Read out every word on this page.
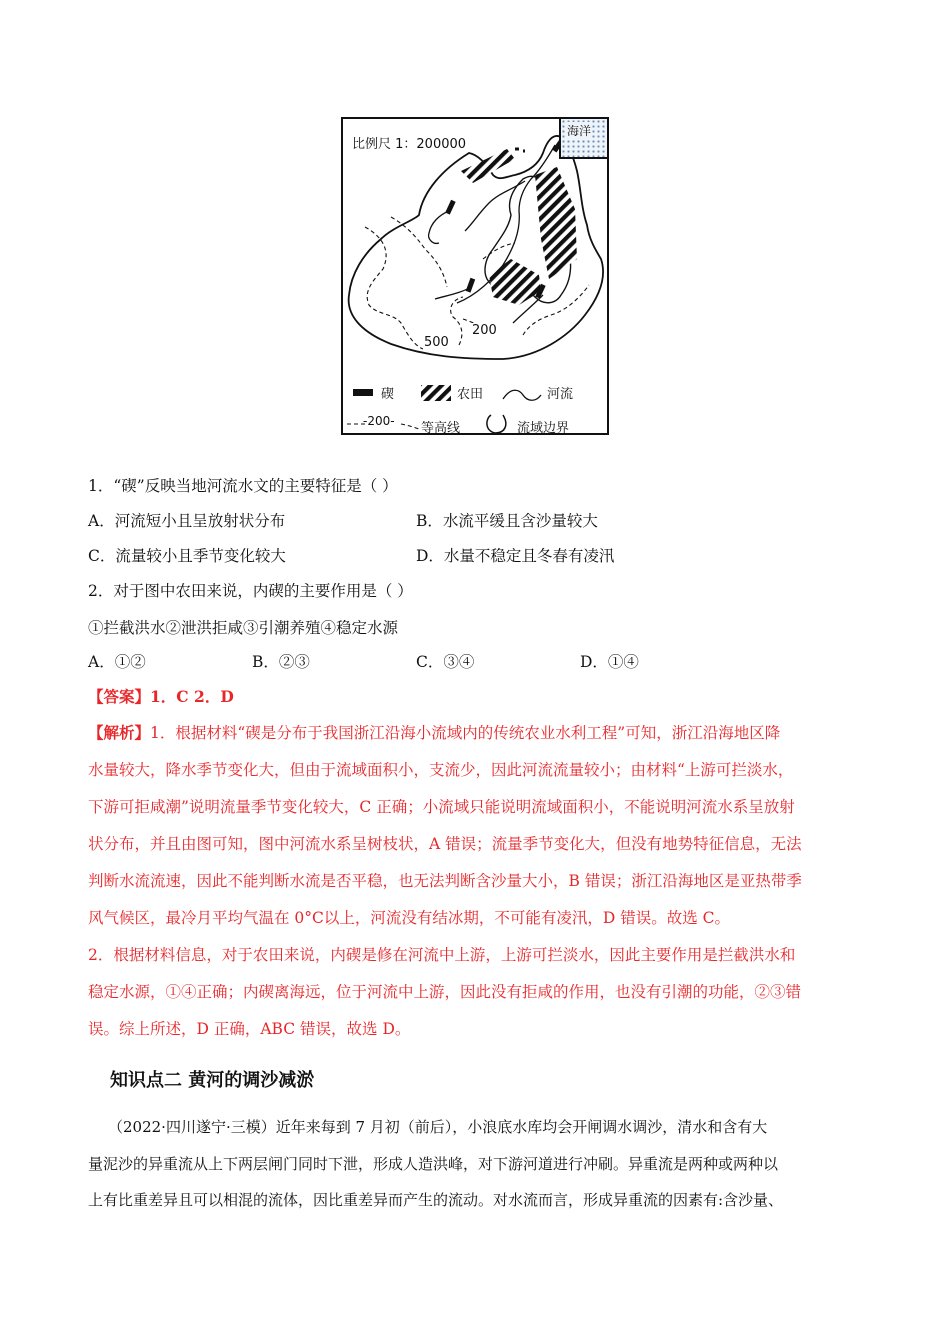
比例尺 1：200000
海洋
500
200
碶	农田	河流
-200- 等高线	流域边界
1．“碶”反映当地河流水文的主要特征是（ ）
A．河流短小且呈放射状分布	B．水流平缓且含沙量较大
C．流量较小且季节变化较大	D．水量不稳定且冬春有凌汛
2．对于图中农田来说，内碶的主要作用是（ ）
①拦截洪水②泄洪拒咸③引潮养殖④稳定水源
A．①②	B．②③	C．③④	D．①④
【答案】1．C 2．D
【解析】1．根据材料“碶是分布于我国浙江沿海小流域内的传统农业水利工程”可知，浙江沿海地区降
水量较大，降水季节变化大，但由于流域面积小，支流少，因此河流流量较小；由材料“上游可拦淡水，
下游可拒咸潮”说明流量季节变化较大，C 正确；小流域只能说明流域面积小，不能说明河流水系呈放射
状分布，并且由图可知，图中河流水系呈树枝状，A 错误；流量季节变化大，但没有地势特征信息，无法
判断水流流速，因此不能判断水流是否平稳，也无法判断含沙量大小，B 错误；浙江沿海地区是亚热带季
风气候区，最冷月平均气温在 0°C以上，河流没有结冰期，不可能有凌汛，D 错误。故选 C。
2．根据材料信息，对于农田来说，内碶是修在河流中上游，上游可拦淡水，因此主要作用是拦截洪水和
稳定水源，①④正确；内碶离海远，位于河流中上游，因此没有拒咸的作用，也没有引潮的功能，②③错
误。综上所述，D 正确，ABC 错误，故选 D。
知识点二 黄河的调沙减淤
（2022·四川遂宁·三模）近年来每到 7 月初（前后），小浪底水库均会开闸调水调沙，清水和含有大
量泥沙的异重流从上下两层闸门同时下泄，形成人造洪峰，对下游河道进行冲刷。异重流是两种或两种以
上有比重差异且可以相混的流体，因比重差异而产生的流动。对水流而言，形成异重流的因素有:含沙量、
